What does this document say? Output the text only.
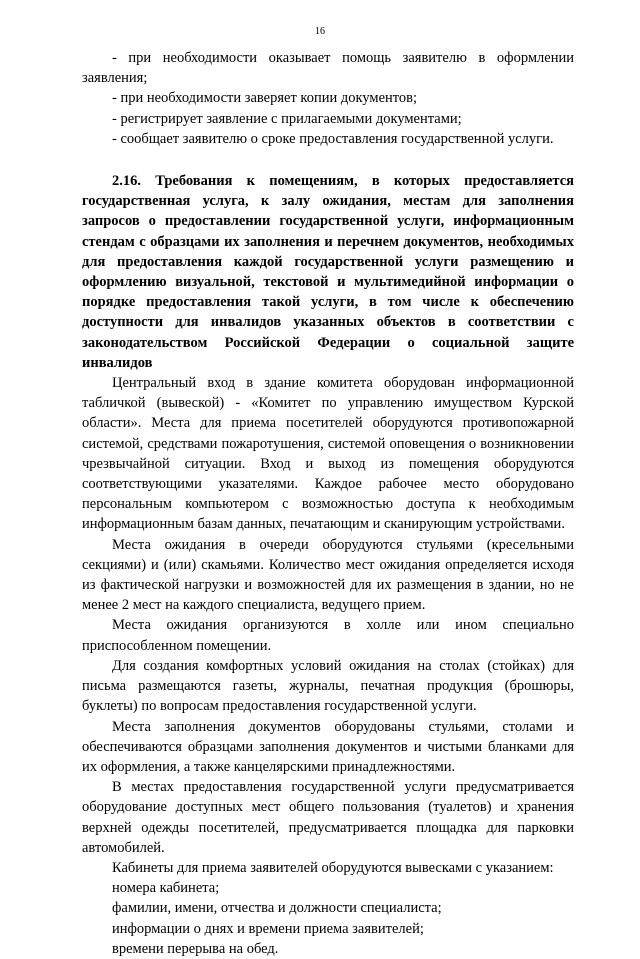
16

- при необходимости оказывает помощь заявителю в оформлении заявления;

- при необходимости заверяет копии документов;

- регистрирует заявление с прилагаемыми документами;

- сообщает заявителю о сроке предоставления государственной услуги.

2.16. Требования к помещениям, в которых предоставляется государственная услуга, к залу ожидания, местам для заполнения запросов о предоставлении государственной услуги, информационным стендам с образцами их заполнения и перечнем документов, необходимых для предоставления каждой государственной услуги размещению и оформлению визуальной, текстовой и мультимедийной информации о порядке предоставления такой услуги, в том числе к обеспечению доступности для инвалидов указанных объектов в соответствии с законодательством Российской Федерации о социальной защите инвалидов

Центральный вход в здание комитета оборудован информационной табличкой (вывеской) - «Комитет по управлению имуществом Курской области». Места для приема посетителей оборудуются противопожарной системой, средствами пожаротушения, системой оповещения о возникновении чрезвычайной ситуации. Вход и выход из помещения оборудуются соответствующими указателями. Каждое рабочее место оборудовано персональным компьютером с возможностью доступа к необходимым информационным базам данных, печатающим и сканирующим устройствами.

Места ожидания в очереди оборудуются стульями (кресельными секциями) и (или) скамьями. Количество мест ожидания определяется исходя из фактической нагрузки и возможностей для их размещения в здании, но не менее 2 мест на каждого специалиста, ведущего прием.

Места ожидания организуются в холле или ином специально приспособленном помещении.

Для создания комфортных условий ожидания на столах (стойках) для письма размещаются газеты, журналы, печатная продукция (брошюры, буклеты) по вопросам предоставления государственной услуги.

Места заполнения документов оборудованы стульями, столами и обеспечиваются образцами заполнения документов и чистыми бланками для их оформления, а также канцелярскими принадлежностями.

В местах предоставления государственной услуги предусматривается оборудование доступных мест общего пользования (туалетов) и хранения верхней одежды посетителей, предусматривается площадка для парковки автомобилей.

Кабинеты для приема заявителей оборудуются вывесками с указанием:

номера кабинета;

фамилии, имени, отчества и должности специалиста;

информации о днях и времени приема заявителей;

времени перерыва на обед.
